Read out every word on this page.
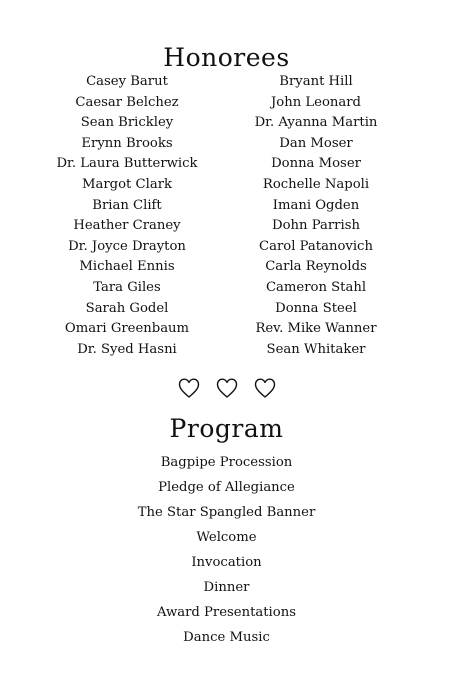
Honorees
Casey Barut
Caesar Belchez
Sean Brickley
Erynn Brooks
Dr. Laura Butterwick
Margot Clark
Brian Clift
Heather Craney
Dr. Joyce Drayton
Michael Ennis
Tara Giles
Sarah Godel
Omari Greenbaum
Dr. Syed Hasni
Bryant Hill
John Leonard
Dr. Ayanna Martin
Dan Moser
Donna Moser
Rochelle Napoli
Imani Ogden
Dohn Parrish
Carol Patanovich
Carla Reynolds
Cameron Stahl
Donna Steel
Rev. Mike Wanner
Sean Whitaker
Program
Bagpipe Procession
Pledge of Allegiance
The Star Spangled Banner
Welcome
Invocation
Dinner
Award Presentations
Dance Music
